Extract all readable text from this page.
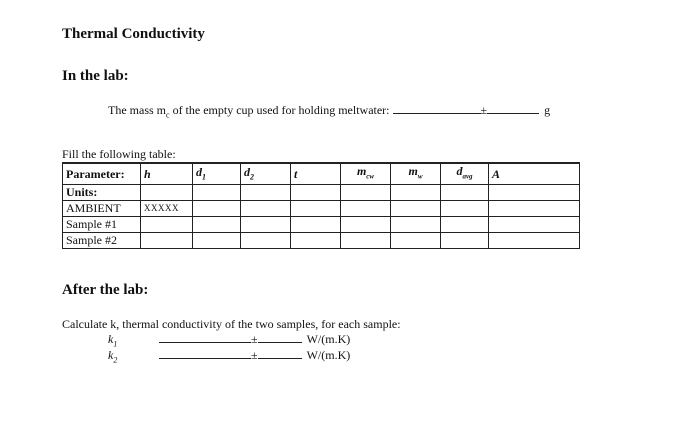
Thermal Conductivity
In the lab:
The mass $m_c$ of the empty cup used for holding meltwater:	±	g
Fill the following table:
Parameter:	h	$d_1$	$d_2$	t	$m_{cw}$	$m_w$	$d_{avg}$	A
Units:								
AMBIENT	XXXXX							
Sample #1								
Sample #2								
After the lab:
Calculate k, thermal conductivity of the two samples, for each sample:
$k_1$	±	W/(m.K)
$k_2$	±	W/(m.K)
